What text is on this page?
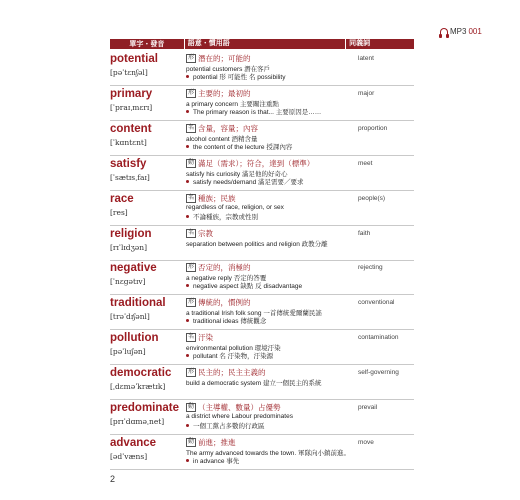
MP3 001
單字・發音	語意・慣用語	同義詞
potential
[pəˈtɛnʃəl]
形 潛在的；可能的
potential customers 潛在客戶
potential 形 可能性 名 possibility
latent
primary
[ˈpraɪˌmɛrɪ]
形 主要的；最初的
a primary concern 主要關注重點
The primary reason is that... 主要原因是……
major
content
[ˈkɑntɛnt]
名 含量，容量；內容
alcohol content 酒精含量
the content of the lecture 授課內容
proportion
satisfy
[ˈsætɪsˌfaɪ]
動 滿足（需求）；符合，達到（標準）
satisfy his curiosity 滿足他的好奇心
satisfy needs/demand 滿足需要／要求
meet
race
[res]
名 種族；民族
regardless of race, religion, or sex
不論種族，宗教或性別
people(s)
religion
[rɪˈlɪdʒən]
名 宗教
separation between politics and religion 政教分離
faith
negative
[ˈnɛgətɪv]
形 否定的，消極的
a negative reply 否定的答覆
negative aspect 缺點 反 disadvantage
rejecting
traditional
[trəˈdɪʃənl]
形 傳統的，慣例的
a traditional Irish folk song 一首傳統愛爾蘭民謠
traditional ideas 傳統觀念
conventional
pollution
[pəˈluʃən]
名 汙染
environmental pollution 環境汙染
pollutant 名 汙染物，汙染源
contamination
democratic
[ˌdɛməˈkrætɪk]
形 民主的；民主主義的
build a democratic system 建立一個民主的系統
self-governing
predominate
[prɪˈdɑməˌnet]
動 （主導權、數量）占優勢
a district where Labour predominates
一個工黨占多數的行政區
prevail
advance
[ədˈvæns]
動 前進；推進
The army advanced towards the town. 軍隊向小鎮前進。
in advance 事先
move
2
